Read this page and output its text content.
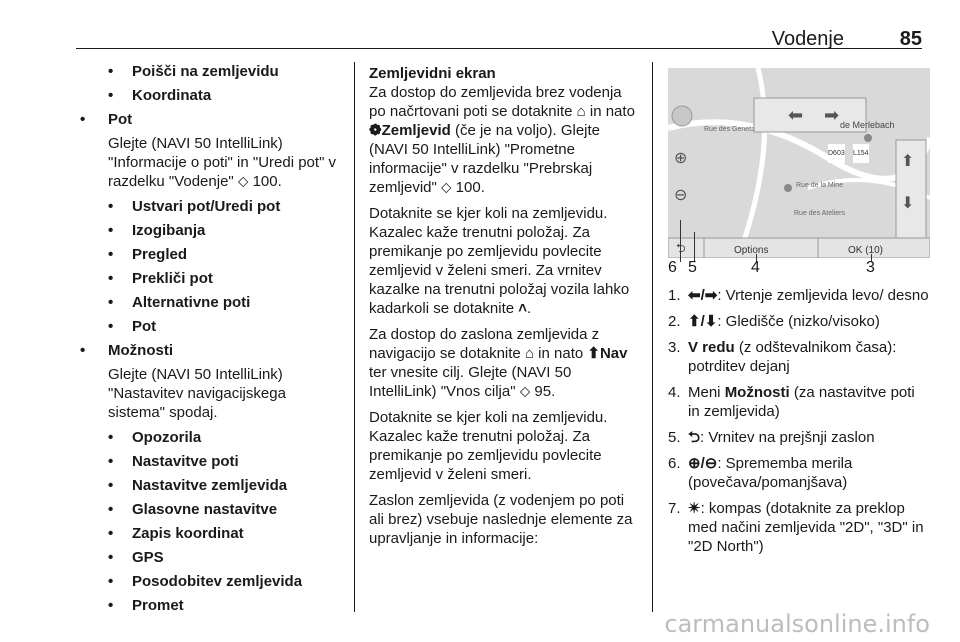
Vodenje	85
• Poišči na zemljevidu
• Koordinata
• Pot
Glejte (NAVI 50 IntelliLink) "Informacije o poti" in "Uredi pot" v razdelku "Vodenje" ⬦ 100.
• Ustvari pot/Uredi pot
• Izogibanja
• Pregled
• Prekliči pot
• Alternativne poti
• Pot
• Možnosti
Glejte (NAVI 50 IntelliLink) "Nastavitev navigacijskega sistema" spodaj.
• Opozorila
• Nastavitve poti
• Nastavitve zemljevida
• Glasovne nastavitve
• Zapis koordinat
• GPS
• Posodobitev zemljevida
• Promet
Zemljevidni ekran
Za dostop do zemljevida brez vodenja po načrtovani poti se dotaknite ⌂ in nato ❁Zemljevid (če je na voljo). Glejte (NAVI 50 IntelliLink) "Prometne informacije" v razdelku "Prebrskaj zemljevid" ⬦ 100.
Dotaknite se kjer koli na zemljevidu. Kazalec kaže trenutni položaj. Za premikanje po zemljevidu povlecite zemljevid v želeni smeri. Za vrnitev kazalke na trenutni položaj vozila lahko kadarkoli se dotaknite ˄.
Za dostop do zaslona zemljevida z navigacijo se dotaknite ⌂ in nato ⬆Nav ter vnesite cilj. Glejte (NAVI 50 IntelliLink) "Vnos cilja" ⬦ 95.
Dotaknite se kjer koli na zemljevidu. Kazalec kaže trenutni položaj. Za premikanje po zemljevidu povlecite zemljevid v želeni smeri.
Zaslon zemljevida (z vodenjem po poti ali brez) vsebuje naslednje elemente za upravljanje in informacije:
⬅ ➡
⬆
⬇
⊕
⊖
⮌
de Merlebach
D603 L154
Rue des Genets
Rue de la Mine
Rue des Ateliers
Options	OK (10)
6 5	4	3
1. ⬅/➡: Vrtenje zemljevida levo/ desno
2. ⬆/⬇: Gledišče (nizko/visoko)
3. V redu (z odštevalnikom časa): potrditev dejanj
4. Meni Možnosti (za nastavitve poti in zemljevida)
5. ⮌: Vrnitev na prejšnji zaslon
6. ⊕/⊖: Sprememba merila (povečava/pomanjšava)
7. ✴: kompas (dotaknite za preklop med načini zemljevida "2D", "3D" in "2D North")
carmanualsonline.info
